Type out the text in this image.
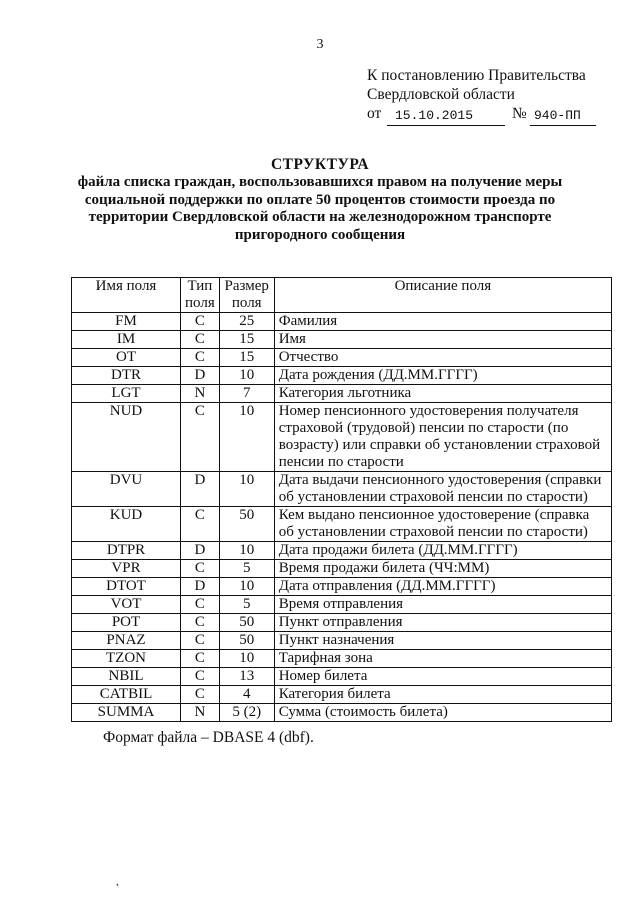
3
К постановлению Правительства
Свердловской области
от	15.10.2015	№ 940-ПП
СТРУКТУРА
файла списка граждан, воспользовавшихся правом на получение меры социальной поддержки по оплате 50 процентов стоимости проезда по территории Свердловской области на железнодорожном транспорте пригородного сообщения
Имя поля	Тип поля	Размер поля	Описание поля
FM	C	25	Фамилия
IM	C	15	Имя
OT	C	15	Отчество
DTR	D	10	Дата рождения (ДД.ММ.ГГГГ)
LGT	N	7	Категория льготника
NUD	C	10	Номер пенсионного удостоверения получателя страховой (трудовой) пенсии по старости (по возрасту) или справки об установлении страховой пенсии по старости
DVU	D	10	Дата выдачи пенсионного удостоверения (справки об установлении страховой пенсии по старости)
KUD	C	50	Кем выдано пенсионное удостоверение (справка об установлении страховой пенсии по старости)
DTPR	D	10	Дата продажи билета (ДД.ММ.ГГГГ)
VPR	C	5	Время продажи билета (ЧЧ:ММ)
DTOT	D	10	Дата отправления (ДД.ММ.ГГГГ)
VOT	C	5	Время отправления
POT	C	50	Пункт отправления
PNAZ	C	50	Пункт назначения
TZON	C	10	Тарифная зона
NBIL	C	13	Номер билета
CATBIL	C	4	Категория билета
SUMMA	N	5 (2)	Сумма (стоимость билета)
Формат файла – DBASE 4 (dbf).
'
